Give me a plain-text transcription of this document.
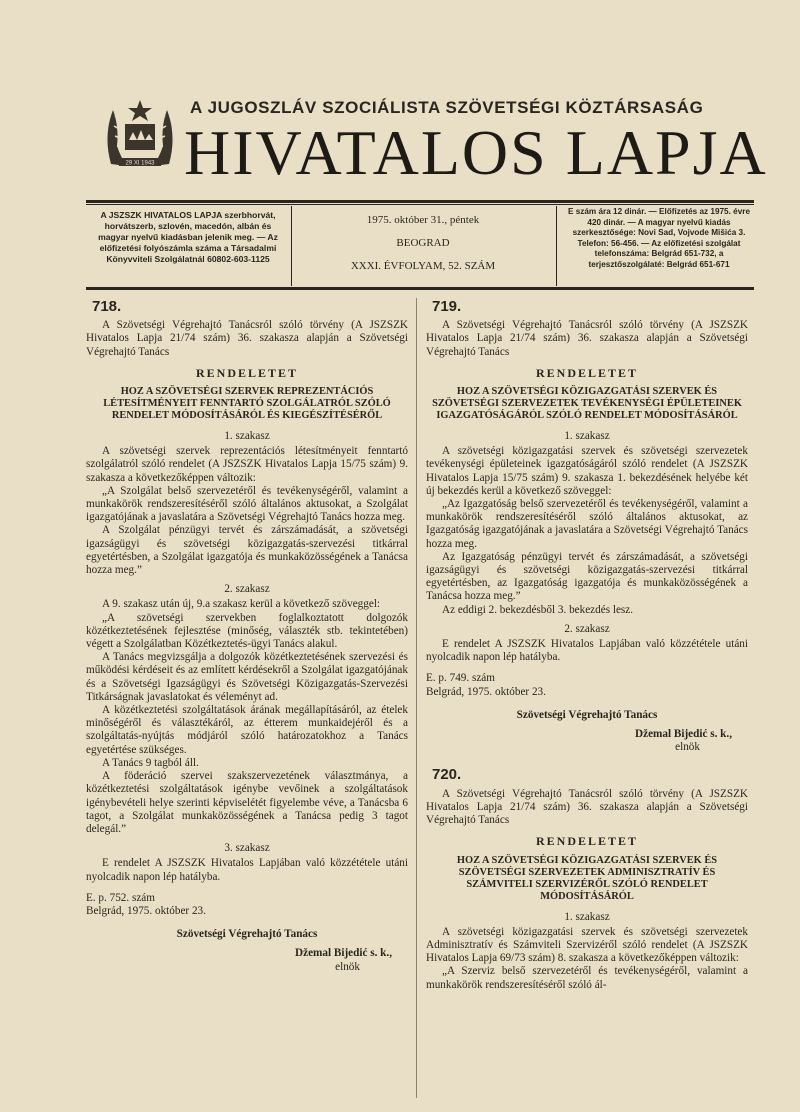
29 XI 1943
A JUGOSZLÁV SZOCIÁLISTA SZÖVETSÉGI KÖZTÁRSASÁG
HIVATALOS LAPJA
A JSZSZK HIVATALOS LAPJA szerbhorvát, horvátszerb, szlovén, macedón, albán és magyar nyelvű kiadásban jelenik meg. — Az előfizetési folyószámla száma a Társadalmi Könyvviteli Szolgálatnál 60802-603-1125
1975. október 31., péntek
BEOGRAD
XXXI. ÉVFOLYAM, 52. SZÁM
E szám ára 12 dinár. — Előfizetés az 1975. évre 420 dinár. — A magyar nyelvű kiadás szerkesztősége: Novi Sad, Vojvode Mišića 3. Telefon: 56-456. — Az előfizetési szolgálat telefonszáma: Belgrád 651-732, a terjesztőszolgálaté: Belgrád 651-671
718.

A Szövetségi Végrehajtó Tanácsról szóló törvény (A JSZSZK Hivatalos Lapja 21/74 szám) 36. szakasza alapján a Szövetségi Végrehajtó Tanács

RENDELETET
HOZ A SZÖVETSÉGI SZERVEK REPREZENTÁCIÓS LÉTESÍTMÉNYEIT FENNTARTÓ SZOLGÁLATRÓL SZÓLÓ RENDELET MÓDOSÍTÁSÁRÓL ÉS KIEGÉSZÍTÉSÉRŐL
1. szakasz

A szövetségi szervek reprezentációs létesítményeit fenntartó szolgálatról szóló rendelet (A JSZSZK Hivatalos Lapja 15/75 szám) 9. szakasza a következőképpen változik:

„A Szolgálat belső szervezetéről és tevékenységéről, valamint a munkakörök rendszeresítéséről szóló általános aktusokat, a Szolgálat igazgatójának a javaslatára a Szövetségi Végrehajtó Tanács hozza meg.

A Szolgálat pénzügyi tervét és zárszámadását, a szövetségi igazságügyi és szövetségi közigazgatás-szervezési titkárral egyetértésben, a Szolgálat igazgatója és munkaközösségének a Tanácsa hozza meg.”

2. szakasz

A 9. szakasz után új, 9.a szakasz kerül a következő szöveggel:

„A szövetségi szervekben foglalkoztatott dolgozók közétkeztetésének fejlesztése (minőség, választék stb. tekintetében) végett a Szolgálatban Közétkeztetés-ügyi Tanács alakul.

A Tanács megvizsgálja a dolgozók közétkeztetésének szervezési és működési kérdéseit és az említett kérdésekről a Szolgálat igazgatójának és a Szövetségi Igazságügyi és Szövetségi Közigazgatás-Szervezési Titkárságnak javaslatokat és véleményt ad.

A közétkeztetési szolgáltatások árának megállapításáról, az ételek minőségéről és választékáról, az étterem munkaidejéről és a szolgáltatás-nyújtás módjáról szóló határozatokhoz a Tanács egyetértése szükséges.

A Tanács 9 tagból áll.

A föderáció szervei szakszervezetének választmánya, a közétkeztetési szolgáltatások igénybe vevőinek a szolgáltatások igénybevételi helye szerinti képviselétét figyelembe véve, a Tanácsba 6 tagot, a Szolgálat munkaközösségének a Tanácsa pedig 3 tagot delegál.”

3. szakasz

E rendelet A JSZSZK Hivatalos Lapjában való közzététele utáni nyolcadik napon lép hatályba.

E. p. 752. szám
Belgrád, 1975. október 23.
Szövetségi Végrehajtó Tanács
Džemal Bijedić s. k.,
elnök
719.

A Szövetségi Végrehajtó Tanácsról szóló törvény (A JSZSZK Hivatalos Lapja 21/74 szám) 36. szakasza alapján a Szövetségi Végrehajtó Tanács

RENDELETET
HOZ A SZÖVETSÉGI KÖZIGAZGATÁSI SZERVEK ÉS SZÖVETSÉGI SZERVEZETEK TEVÉKENYSÉGI ÉPÜLETEINEK IGAZGATÓSÁGÁRÓL SZÓLÓ RENDELET MÓDOSÍTÁSÁRÓL
1. szakasz

A szövetségi közigazgatási szervek és szövetségi szervezetek tevékenységi épületeinek igazgatóságáról szóló rendelet (A JSZSZK Hivatalos Lapja 15/75 szám) 9. szakasza 1. bekezdésének helyébe két új bekezdés kerül a következő szöveggel:

„Az Igazgatóság belső szervezetéről és tevékenységéről, valamint a munkakörök rendszeresítéséről szóló általános aktusokat, az Igazgatóság igazgatójának a javaslatára a Szövetségi Végrehajtó Tanács hozza meg.

Az Igazgatóság pénzügyi tervét és zárszámadását, a szövetségi igazságügyi és szövetségi közigazgatás-szervezési titkárral egyetértésben, az Igazgatóság igazgatója és munkaközösségének a Tanácsa hozza meg.”

Az eddigi 2. bekezdésből 3. bekezdés lesz.

2. szakasz

E rendelet A JSZSZK Hivatalos Lapjában való közzététele utáni nyolcadik napon lép hatályba.

E. p. 749. szám
Belgrád, 1975. október 23.
Szövetségi Végrehajtó Tanács
Džemal Bijedić s. k.,
elnök
720.

A Szövetségi Végrehajtó Tanácsról szóló törvény (A JSZSZK Hivatalos Lapja 21/74 szám) 36. szakasza alapján a Szövetségi Végrehajtó Tanács

RENDELETET
HOZ A SZÖVETSÉGI KÖZIGAZGATÁSI SZERVEK ÉS SZÖVETSÉGI SZERVEZETEK ADMINISZTRATÍV ÉS SZÁMVITELI SZERVIZÉRŐL SZÓLÓ RENDELET MÓDOSÍTÁSÁRÓL
1. szakasz

A szövetségi közigazgatási szervek és szövetségi szervezetek Adminisztratív és Számviteli Szervizéről szóló rendelet (A JSZSZK Hivatalos Lapja 69/73 szám) 8. szakasza a következőképpen változik:

„A Szerviz belső szervezetéről és tevékenységéről, valamint a munkakörök rendszeresítéséről szóló ál-
